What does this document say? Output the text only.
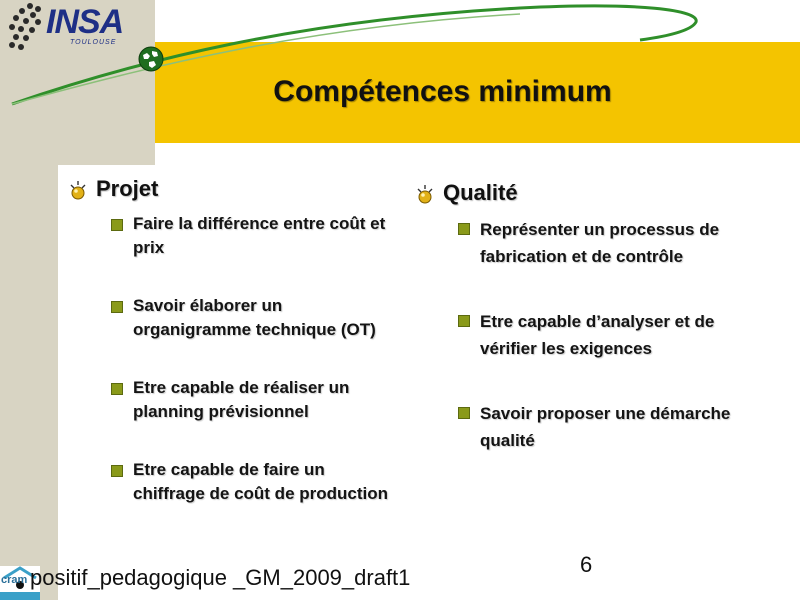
INSA
TOULOUSE
Compétences minimum
Projet
Faire la différence entre coût et prix
Savoir élaborer un organigramme technique (OT)
Etre capable de réaliser un planning prévisionnel
Etre capable de faire un chiffrage de coût de production
Qualité
Représenter un processus de fabrication et de contrôle
Etre capable d’analyser et de vérifier les exigences
Savoir proposer une démarche qualité
cram positif_pedagogique _GM_2009_draft1
6
